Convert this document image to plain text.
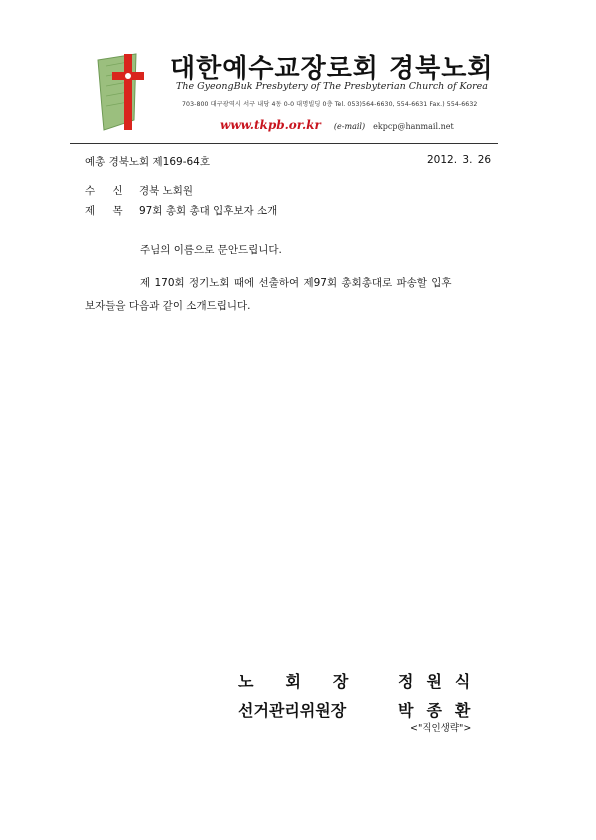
대한예수교장로회 경북노회
The GyeongBuk Presbytery of The Presbyterian Church of Korea
703-800 대구광역시 서구 내당 4동 0-0 대명빌딩 0층 Tel. 053)564-6630, 554-6631 Fax.) 554-6632
www.tkpb.or.kr (e-mail) ekpcp@hanmail.net
예총 경북노회 제169-64호	2012. 3. 26
수 신 경북 노회원
제 목 97회 총회 총대 입후보자 소개
주님의 이름으로 문안드립니다.
제 170회 정기노회 때에 선출하여 제97회 총회총대로 파송할 입후
보자들을 다음과 같이 소개드립니다.
노회장 정원식
선거관리위원장	박종환
<"직인생략">
